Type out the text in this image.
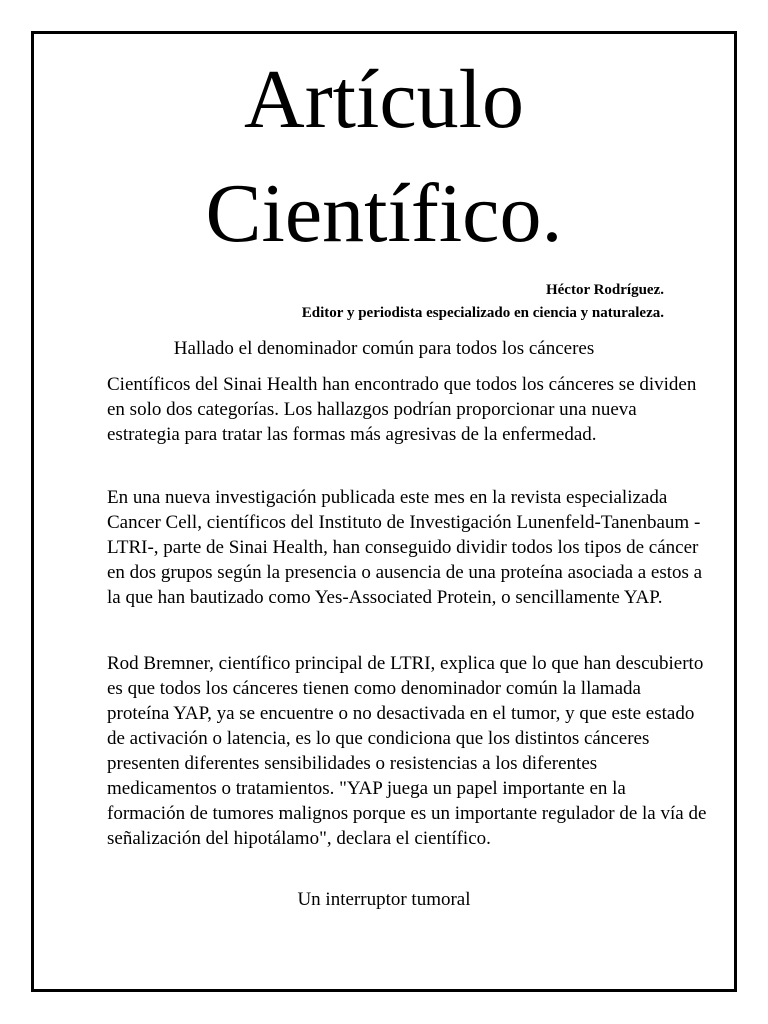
Artículo
Científico.
Héctor Rodríguez.
Editor y periodista especializado en ciencia y naturaleza.
Hallado el denominador común para todos los cánceres

Científicos del Sinai Health han encontrado que todos los cánceres se dividen en solo dos categorías. Los hallazgos podrían proporcionar una nueva estrategia para tratar las formas más agresivas de la enfermedad.

En una nueva investigación publicada este mes en la revista especializada Cancer Cell, científicos del Instituto de Investigación Lunenfeld-Tanenbaum -LTRI-, parte de Sinai Health, han conseguido dividir todos los tipos de cáncer en dos grupos según la presencia o ausencia de una proteína asociada a estos a la que han bautizado como Yes-Associated Protein, o sencillamente YAP.

Rod Bremner, científico principal de LTRI, explica que lo que han descubierto es que todos los cánceres tienen como denominador común la llamada proteína YAP, ya se encuentre o no desactivada en el tumor, y que este estado de activación o latencia, es lo que condiciona que los distintos cánceres presenten diferentes sensibilidades o resistencias a los diferentes medicamentos o tratamientos. "YAP juega un papel importante en la formación de tumores malignos porque es un importante regulador de la vía de señalización del hipotálamo", declara el científico.

Un interruptor tumoral
